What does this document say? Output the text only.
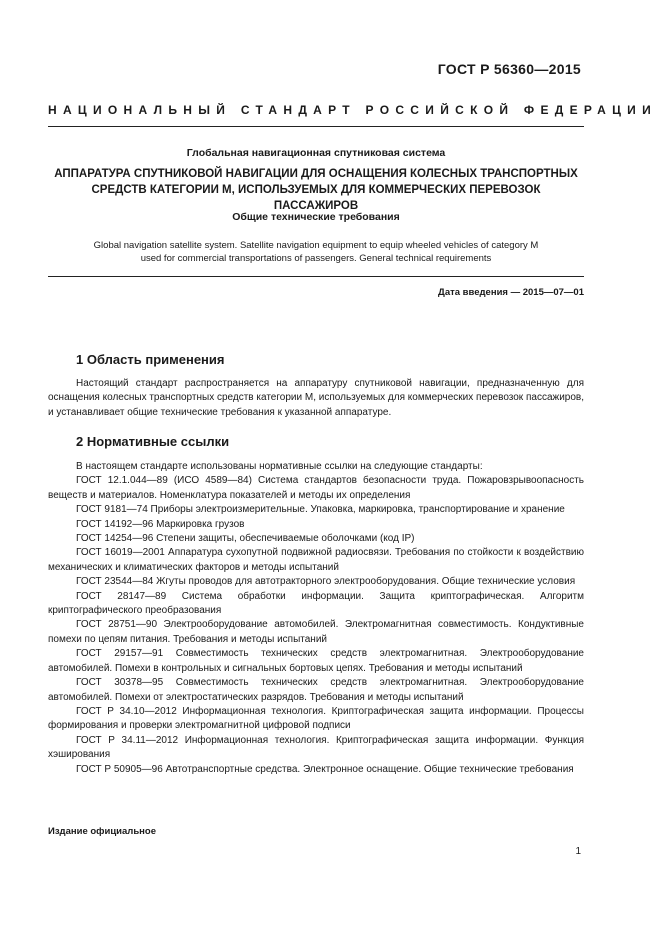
ГОСТ Р 56360—2015
НАЦИОНАЛЬНЫЙ СТАНДАРТ РОССИЙСКОЙ ФЕДЕРАЦИИ
Глобальная навигационная спутниковая система
АППАРАТУРА СПУТНИКОВОЙ НАВИГАЦИИ ДЛЯ ОСНАЩЕНИЯ КОЛЕСНЫХ ТРАНСПОРТНЫХ
СРЕДСТВ КАТЕГОРИИ М, ИСПОЛЬЗУЕМЫХ ДЛЯ КОММЕРЧЕСКИХ ПЕРЕВОЗОК ПАССАЖИРОВ
Общие технические требования
Global navigation satellite system. Satellite navigation equipment to equip wheeled vehicles of category M
used for commercial transportations of passengers. General technical requirements
Дата введения — 2015—07—01
1 Область применения

Настоящий стандарт распространяется на аппаратуру спутниковой навигации, предназначенную для оснащения колесных транспортных средств категории М, используемых для коммерческих перевозок пассажиров, и устанавливает общие технические требования к указанной аппаратуре.

2 Нормативные ссылки

В настоящем стандарте использованы нормативные ссылки на следующие стандарты:

ГОСТ 12.1.044—89 (ИСО 4589—84) Система стандартов безопасности труда. Пожаровзрывоопасность веществ и материалов. Номенклатура показателей и методы их определения

ГОСТ 9181—74 Приборы электроизмерительные. Упаковка, маркировка, транспортирование и хранение

ГОСТ 14192—96 Маркировка грузов

ГОСТ 14254—96 Степени защиты, обеспечиваемые оболочками (код IP)

ГОСТ 16019—2001 Аппаратура сухопутной подвижной радиосвязи. Требования по стойкости к воздействию механических и климатических факторов и методы испытаний

ГОСТ 23544—84 Жгуты проводов для автотракторного электрооборудования. Общие технические условия

ГОСТ 28147—89 Система обработки информации. Защита криптографическая. Алгоритм криптографического преобразования

ГОСТ 28751—90 Электрооборудование автомобилей. Электромагнитная совместимость. Кондуктивные помехи по цепям питания. Требования и методы испытаний

ГОСТ 29157—91 Совместимость технических средств электромагнитная. Электрооборудование автомобилей. Помехи в контрольных и сигнальных бортовых цепях. Требования и методы испытаний

ГОСТ 30378—95 Совместимость технических средств электромагнитная. Электрооборудование автомобилей. Помехи от электростатических разрядов. Требования и методы испытаний

ГОСТ Р 34.10—2012 Информационная технология. Криптографическая защита информации. Процессы формирования и проверки электромагнитной цифровой подписи

ГОСТ Р 34.11—2012 Информационная технология. Криптографическая защита информации. Функция хэширования

ГОСТ Р 50905—96 Автотранспортные средства. Электронное оснащение. Общие технические требования

Издание официальное
1
